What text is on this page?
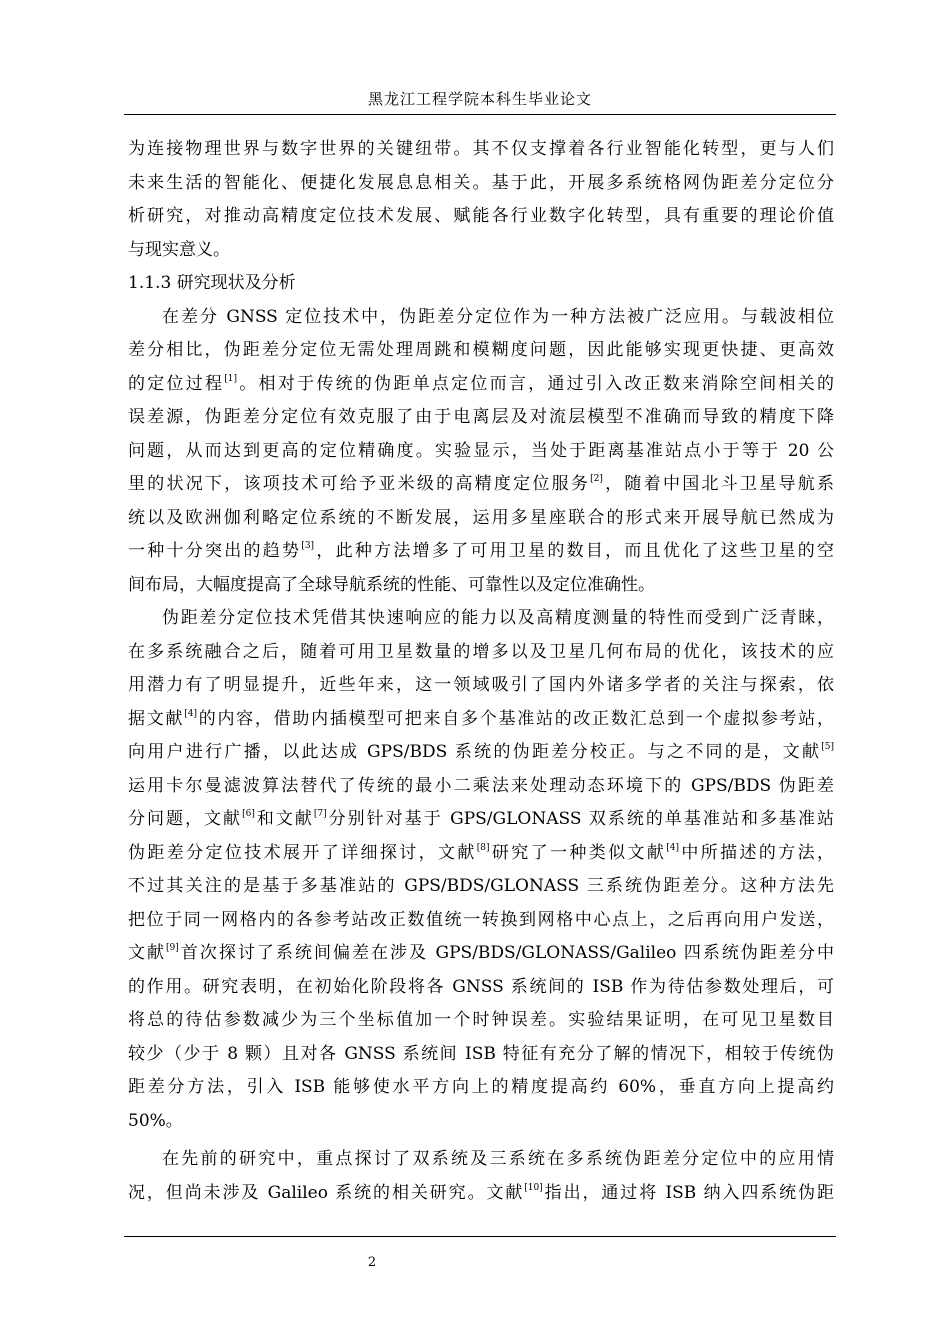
黑龙江工程学院本科生毕业论文
为连接物理世界与数字世界的关键纽带。其不仅支撑着各行业智能化转型，更与人们
未来生活的智能化、便捷化发展息息相关。基于此，开展多系统格网伪距差分定位分
析研究，对推动高精度定位技术发展、赋能各行业数字化转型，具有重要的理论价值
与现实意义。
1.1.3 研究现状及分析
在差分 GNSS 定位技术中，伪距差分定位作为一种方法被广泛应用。与载波相位
差分相比，伪距差分定位无需处理周跳和模糊度问题，因此能够实现更快捷、更高效
的定位过程[1]。相对于传统的伪距单点定位而言，通过引入改正数来消除空间相关的
误差源，伪距差分定位有效克服了由于电离层及对流层模型不准确而导致的精度下降
问题，从而达到更高的定位精确度。实验显示，当处于距离基准站点小于等于 20 公
里的状况下，该项技术可给予亚米级的高精度定位服务[2]，随着中国北斗卫星导航系
统以及欧洲伽利略定位系统的不断发展，运用多星座联合的形式来开展导航已然成为
一种十分突出的趋势[3]，此种方法增多了可用卫星的数目，而且优化了这些卫星的空
间布局，大幅度提高了全球导航系统的性能、可靠性以及定位准确性。
伪距差分定位技术凭借其快速响应的能力以及高精度测量的特性而受到广泛青睐，
在多系统融合之后，随着可用卫星数量的增多以及卫星几何布局的优化，该技术的应
用潜力有了明显提升，近些年来，这一领域吸引了国内外诸多学者的关注与探索，依
据文献[4]的内容，借助内插模型可把来自多个基准站的改正数汇总到一个虚拟参考站，
向用户进行广播，以此达成 GPS/BDS 系统的伪距差分校正。与之不同的是，文献[5]
运用卡尔曼滤波算法替代了传统的最小二乘法来处理动态环境下的 GPS/BDS 伪距差
分问题，文献[6]和文献[7]分别针对基于 GPS/GLONASS 双系统的单基准站和多基准站
伪距差分定位技术展开了详细探讨，文献[8]研究了一种类似文献[4]中所描述的方法，
不过其关注的是基于多基准站的 GPS/BDS/GLONASS 三系统伪距差分。这种方法先
把位于同一网格内的各参考站改正数值统一转换到网格中心点上，之后再向用户发送，
文献[9]首次探讨了系统间偏差在涉及 GPS/BDS/GLONASS/Galileo 四系统伪距差分中
的作用。研究表明，在初始化阶段将各 GNSS 系统间的 ISB 作为待估参数处理后，可
将总的待估参数减少为三个坐标值加一个时钟误差。实验结果证明，在可见卫星数目
较少（少于 8 颗）且对各 GNSS 系统间 ISB 特征有充分了解的情况下，相较于传统伪
距差分方法，引入 ISB 能够使水平方向上的精度提高约 60%，垂直方向上提高约
50%。
在先前的研究中，重点探讨了双系统及三系统在多系统伪距差分定位中的应用情
况，但尚未涉及 Galileo 系统的相关研究。文献[10]指出，通过将 ISB 纳入四系统伪距
2
